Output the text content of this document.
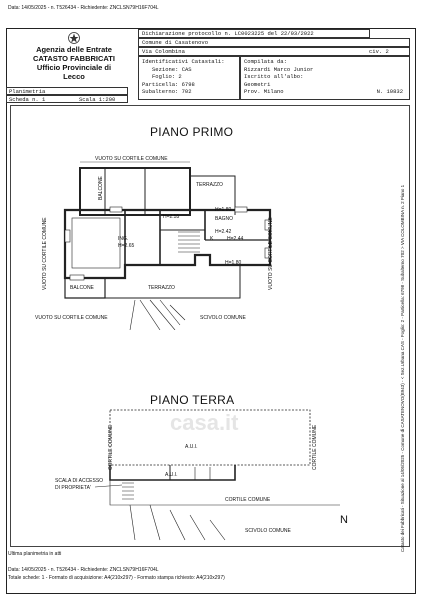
Data: 14/05/2025 - n. T526434 - Richiedente: ZNCLSN79H16F704L
Agenzia delle Entrate
CATASTO FABBRICATI
Ufficio Provinciale di
Lecco
Dichiarazione protocollo n. LC0023225 del 22/03/2022
Comune di Casatenovo
Via Colombina	civ. 2
Identificativi Catastali:
Sezione: CAS
Foglio: 2
Particella: 6798
Subalterno: 702
Compilata da:
Rizzardi Marco Junior
Iscritto all'albo:
Geometri
Prov. Milano	N. 10832
Planimetria
Scheda n. 1	Scala 1:200
PIANO PRIMO
VUOTO SU CORTILE COMUNE
VUOTO SU CORTILE COMUNE	VUOTO SU CORTILE COMUNE
VUOTO SU CORTILE COMUNE	SCIVOLO COMUNE
BALCONE	TERRAZZO
ING.
H=2.65
H=2.55
H=1.80
BAGNO
H=2.42
K	H=2.44
H=1.80
BALCONE	TERRAZZO
PIANO TERRA
CORTILE COMUNE	CORTILE COMUNE
A.U.I.
A.U.I.
SCALA DI ACCESSO
DI PROPRIETA'
CORTILE COMUNE
SCIVOLO COMUNE
N
casa.it	Catasto dei Fabbricati - Situazione al 14/05/2025 - Comune di CASATENOVO(B943) - < Sez.Urbana CAS - Foglio: 2 - Particella: 6798 - Subalterno 702 > VIA COLOMBINA n. 2 Piano 1
Ultima planimetria in atti
Data: 14/05/2025 - n. T526434 - Richiedente: ZNCLSN79H16F704L
Totale schede: 1 - Formato di acquisizione: A4(210x297) - Formato stampa richiesto: A4(210x297)
